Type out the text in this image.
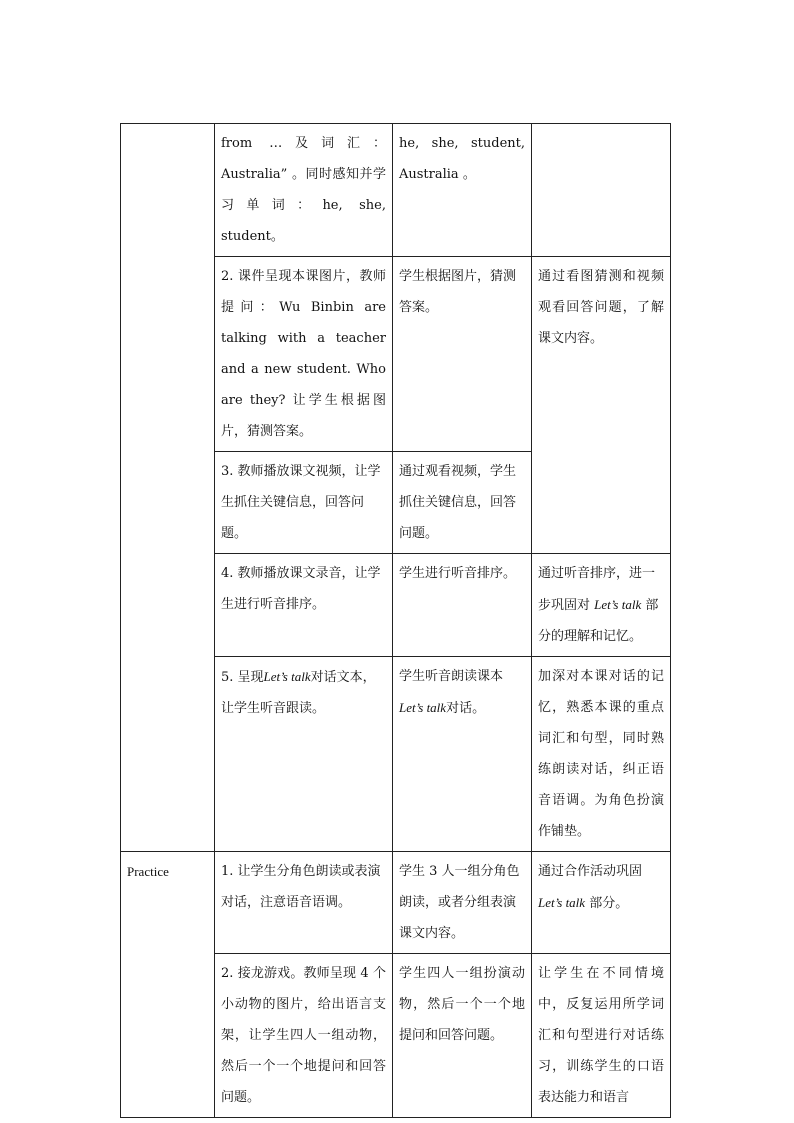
	from …及词汇：Australia” 。同时感知并学习单词：he, she, student。	he, she, student, Australia 。	
	2. 课件呈现本课图片，教师提问：Wu Binbin are talking with a teacher and a new student. Who are they? 让学生根据图片，猜测答案。	学生根据图片，猜测答案。	通过看图猜测和视频观看回答问题，了解课文内容。
	3. 教师播放课文视频，让学生抓住关键信息，回答问题。	通过观看视频，学生抓住关键信息，回答问题。	
	4. 教师播放课文录音，让学生进行听音排序。	学生进行听音排序。	通过听音排序，进一步巩固对 Let’s talk 部分的理解和记忆。
	5. 呈现Let’s talk对话文本，让学生听音跟读。	学生听音朗读课本Let’s talk对话。	加深对本课对话的记忆，熟悉本课的重点词汇和句型，同时熟练朗读对话，纠正语音语调。为角色扮演作铺垫。
Practice	1. 让学生分角色朗读或表演对话，注意语音语调。	学生 3 人一组分角色朗读，或者分组表演课文内容。	通过合作活动巩固Let’s talk 部分。
	2. 接龙游戏。教师呈现 4 个小动物的图片，给出语言支架，让学生四人一组动物，然后一个一个地提问和回答问题。	学生四人一组扮演动物，然后一个一个地提问和回答问题。	让学生在不同情境中，反复运用所学词汇和句型进行对话练习，训练学生的口语表达能力和语言
